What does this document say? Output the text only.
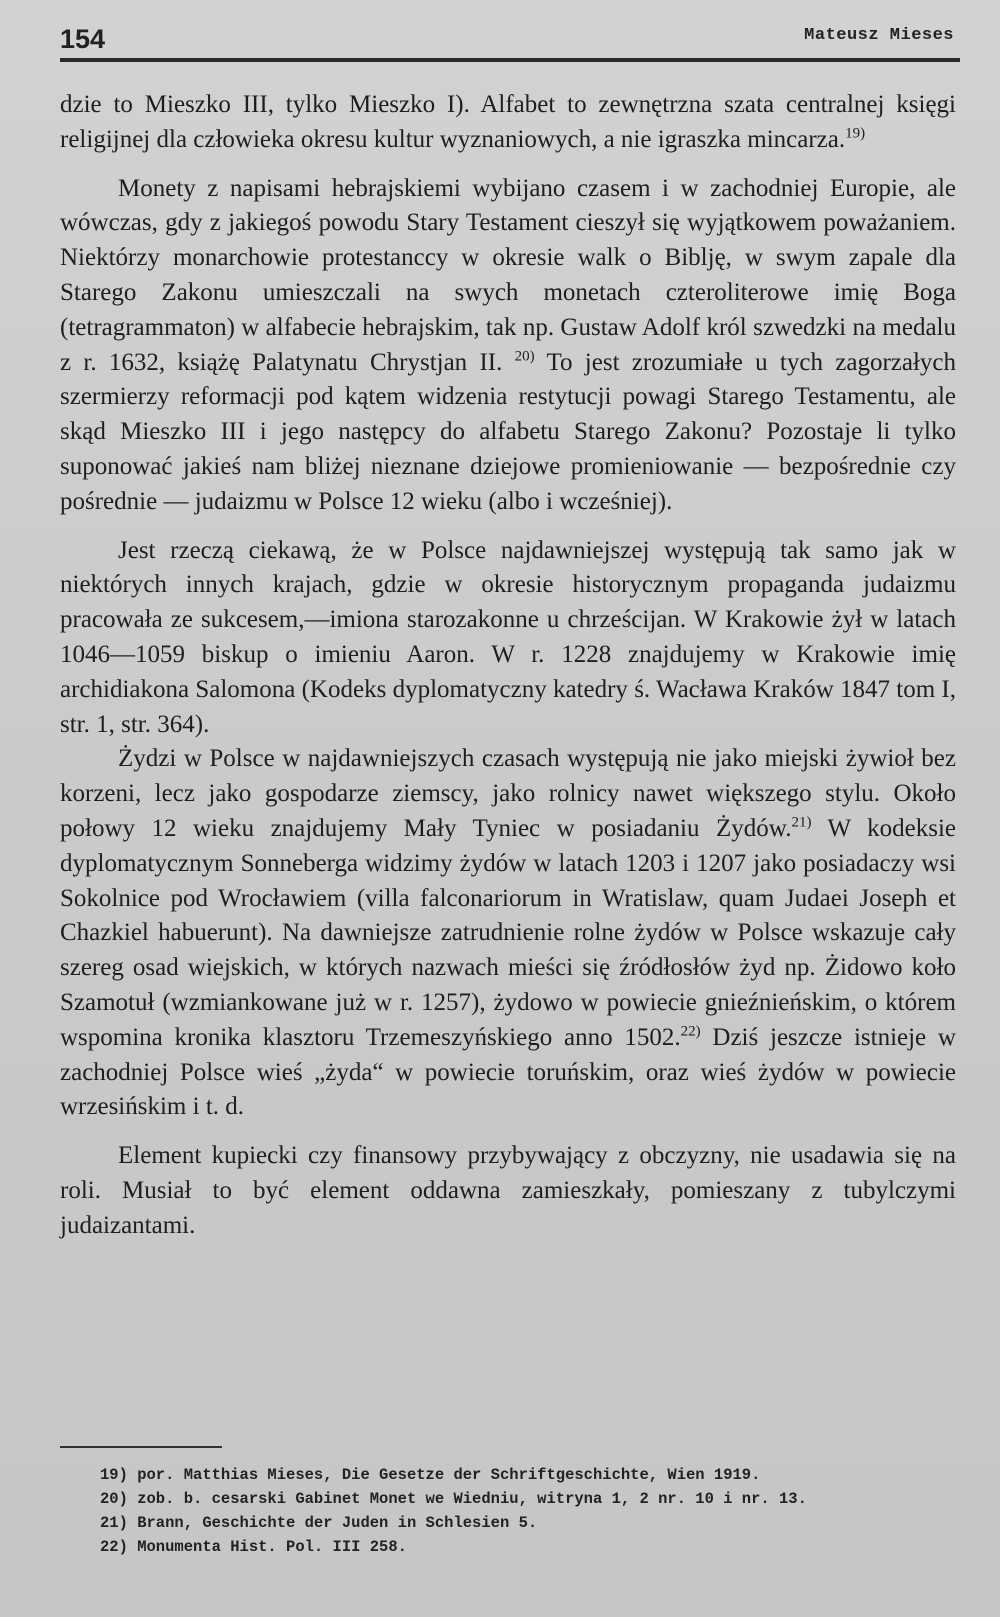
154	Mateusz Mieses

dzie to Mieszko III, tylko Mieszko I). Alfabet to zewnętrzna szata centralnej księgi religijnej dla człowieka okresu kultur wyznaniowych, a nie igraszka mincarza.$^{19)}$

Monety z napisami hebrajskiemi wybijano czasem i w zachodniej Europie, ale wówczas, gdy z jakiegoś powodu Stary Testament cieszył się wyjątkowem poważaniem. Niektórzy monarchowie protestanccy w okresie walk o Biblję, w swym zapale dla Starego Zakonu umieszczali na swych monetach czteroliterowe imię Boga (tetragrammaton) w alfabecie hebrajskim, tak np. Gustaw Adolf król szwedzki na medalu z r. 1632, książę Palatynatu Chrystjan II. $^{20)}$ To jest zrozumiałe u tych zagorzałych szermierzy reformacji pod kątem widzenia restytucji powagi Starego Testamentu, ale skąd Mieszko III i jego następcy do alfabetu Starego Zakonu? Pozostaje li tylko suponować jakieś nam bliżej nieznane dziejowe promieniowanie — bezpośrednie czy pośrednie — judaizmu w Polsce 12 wieku (albo i wcześniej).

Jest rzeczą ciekawą, że w Polsce najdawniejszej występują tak samo jak w niektórych innych krajach, gdzie w okresie historycznym propaganda judaizmu pracowała ze sukcesem,—imiona starozakonne u chrześcijan. W Krakowie żył w latach 1046—1059 biskup o imieniu Aaron. W r. 1228 znajdujemy w Krakowie imię archidiakona Salomona (Kodeks dyplomatyczny katedry ś. Wacława Kraków 1847 tom I, str. 1, str. 364).

Żydzi w Polsce w najdawniejszych czasach występują nie jako miejski żywioł bez korzeni, lecz jako gospodarze ziemscy, jako rolnicy nawet większego stylu. Około połowy 12 wieku znajdujemy Mały Tyniec w posiadaniu Żydów.$^{21)}$ W kodeksie dyplomatycznym Sonneberga widzimy żydów w latach 1203 i 1207 jako posiadaczy wsi Sokolnice pod Wrocławiem (villa falconariorum in Wratislaw, quam Judaei Joseph et Chazkiel habuerunt). Na dawniejsze zatrudnienie rolne żydów w Polsce wskazuje cały szereg osad wiejskich, w których nazwach mieści się źródłosłów żyd np. Żidowo koło Szamotuł (wzmiankowane już w r. 1257), żydowo w powiecie gnieźnieńskim, o którem wspomina kronika klasztoru Trzemeszyńskiego anno 1502.$^{22)}$ Dziś jeszcze istnieje w zachodniej Polsce wieś „żyda“ w powiecie toruńskim, oraz wieś żydów w powiecie wrzesińskim i t. d.

Element kupiecki czy finansowy przybywający z obczyzny, nie usadawia się na roli. Musiał to być element oddawna zamieszkały, pomieszany z tubylczymi judaizantami.

19) por. Matthias Mieses, Die Gesetze der Schriftgeschichte, Wien 1919.
20) zob. b. cesarski Gabinet Monet we Wiedniu, witryna 1, 2 nr. 10 i nr. 13.
21) Brann, Geschichte der Juden in Schlesien 5.
22) Monumenta Hist. Pol. III 258.
